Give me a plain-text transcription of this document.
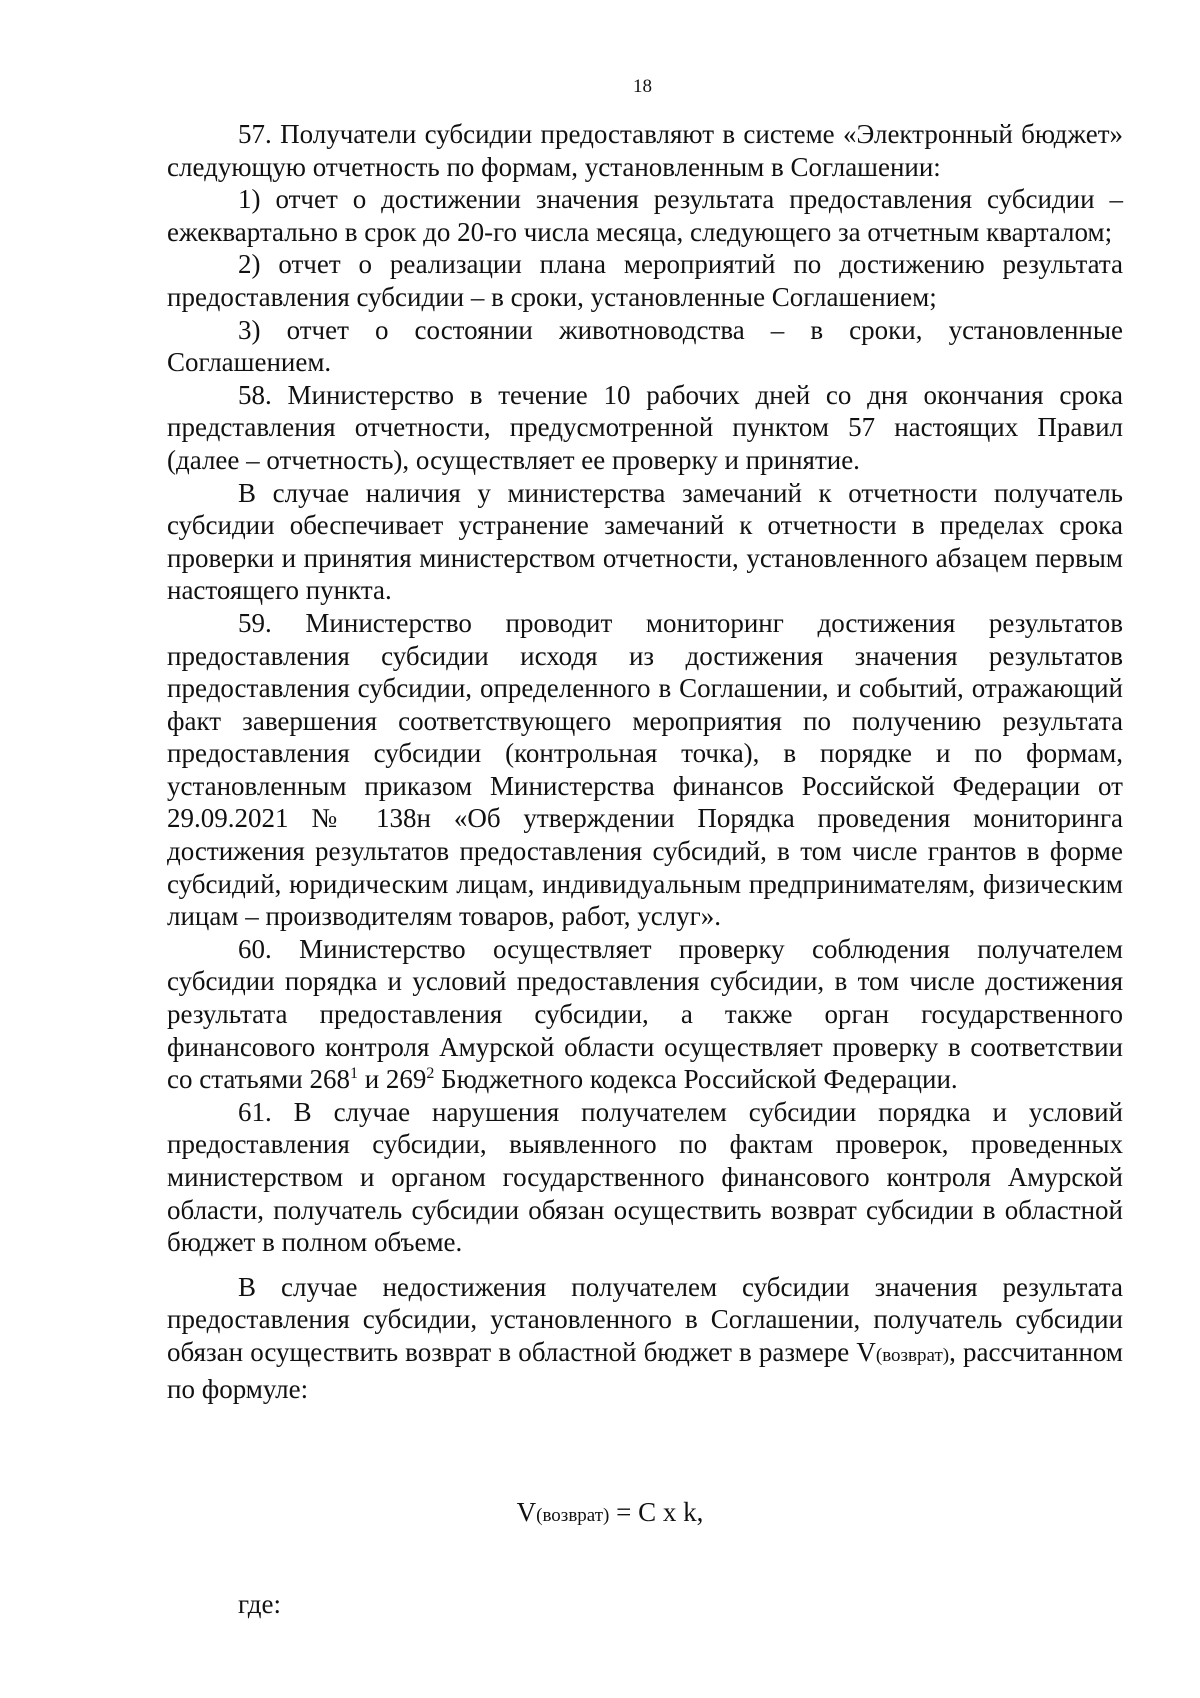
18

57. Получатели субсидии предоставляют в системе «Электронный бюджет» следующую отчетность по формам, установленным в Соглашении:

1) отчет о достижении значения результата предоставления субсидии – ежеквартально в срок до 20-го числа месяца, следующего за отчетным кварталом;

2) отчет о реализации плана мероприятий по достижению результата предоставления субсидии – в сроки, установленные Соглашением;

3) отчет о состоянии животноводства – в сроки, установленные Соглашением.

58. Министерство в течение 10 рабочих дней со дня окончания срока представления отчетности, предусмотренной пунктом 57 настоящих Правил (далее – отчетность), осуществляет ее проверку и принятие.

В случае наличия у министерства замечаний к отчетности получатель субсидии обеспечивает устранение замечаний к отчетности в пределах срока проверки и принятия министерством отчетности, установленного абзацем первым настоящего пункта.

59. Министерство проводит мониторинг достижения результатов предоставления субсидии исходя из достижения значения результатов предоставления субсидии, определенного в Соглашении, и событий, отражающий факт завершения соответствующего мероприятия по получению результата предоставления субсидии (контрольная точка), в порядке и по формам, установленным приказом Министерства финансов Российской Федерации от 29.09.2021 № 138н «Об утверждении Порядка проведения мониторинга достижения результатов предоставления субсидий, в том числе грантов в форме субсидий, юридическим лицам, индивидуальным предпринимателям, физическим лицам – производителям товаров, работ, услуг».

60. Министерство осуществляет проверку соблюдения получателем субсидии порядка и условий предоставления субсидии, в том числе достижения результата предоставления субсидии, а также орган государственного финансового контроля Амурской области осуществляет проверку в соответствии со статьями $268^1$ и $269^2$ Бюджетного кодекса Российской Федерации.

61. В случае нарушения получателем субсидии порядка и условий предоставления субсидии, выявленного по фактам проверок, проведенных министерством и органом государственного финансового контроля Амурской области, получатель субсидии обязан осуществить возврат субсидии в областной бюджет в полном объеме.

В случае недостижения получателем субсидии значения результата предоставления субсидии, установленного в Соглашении, получатель субсидии обязан осуществить возврат в областной бюджет в размере V(возврат), рассчитанном по формуле:

V(возврат) = C x k,
где:
